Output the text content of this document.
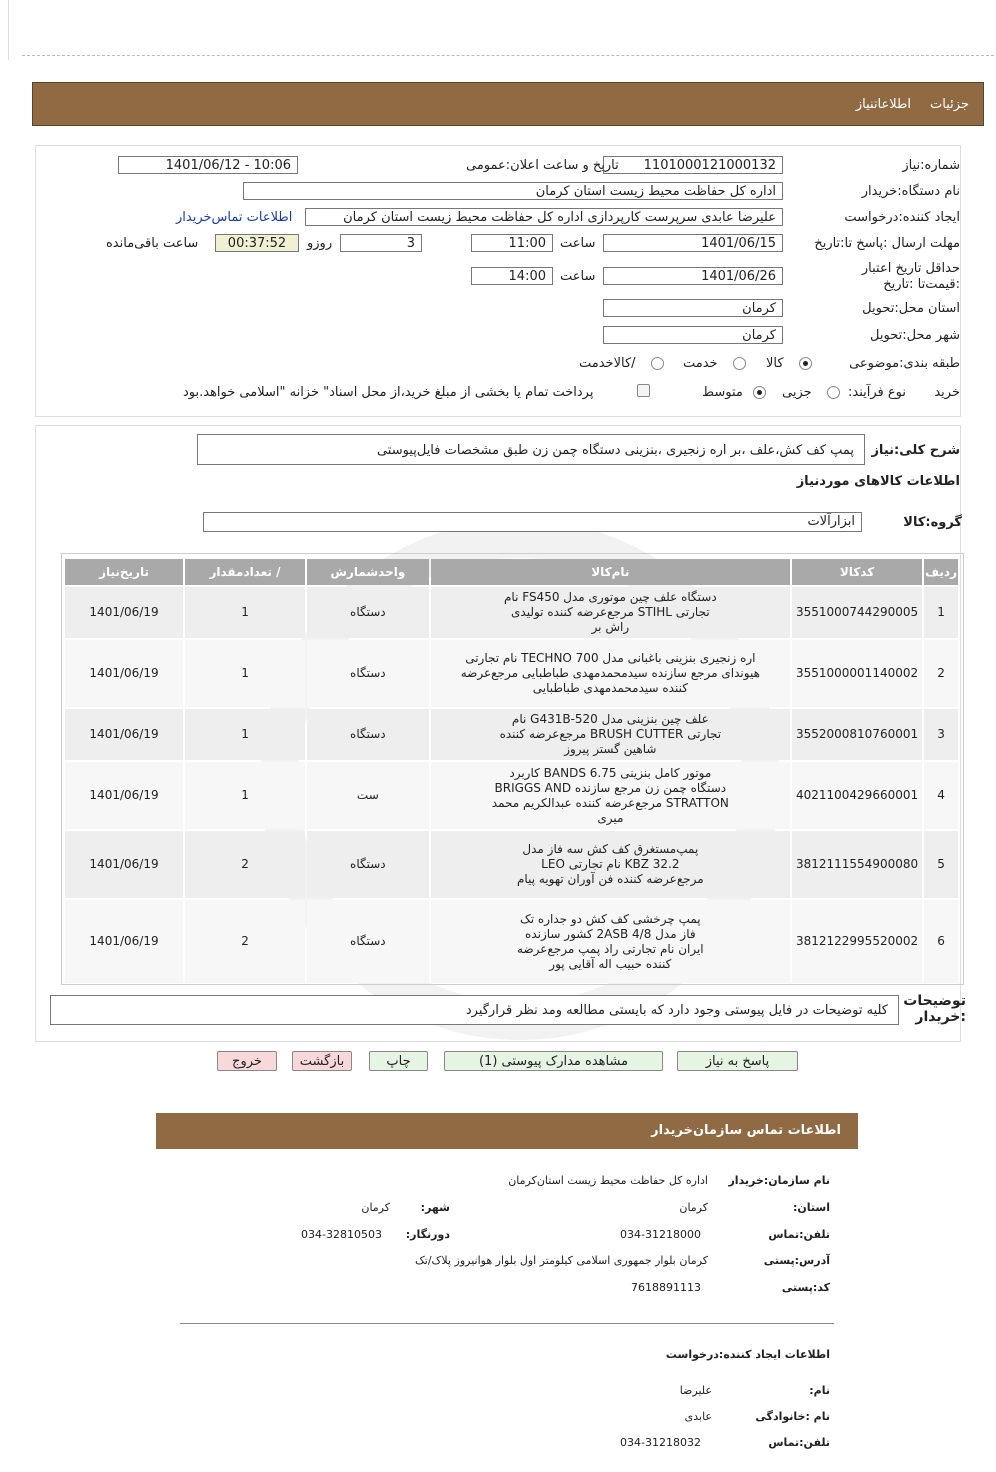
جزئیات
اطلاعاتنیاز
شماره:نیاز
1101000121000132
تاریخ و ساعت اعلان:عمومی
1401/06/12 - 10:06
نام دستگاه:خریدار
اداره کل حفاظت محیط زیست استان کرمان
ایجاد کننده:درخواست
علیرضا عابدی سرپرست کارپردازی اداره کل حفاظت محیط زیست استان کرمان
اطلاعات تماس‌خریدار
مهلت ارسال :پاسخ تا:تاریخ
1401/06/15
ساعت
11:00
3
روزو
00:37:52
ساعت باقی‌مانده
حداقل تاریخ اعتبار :قیمت‌تا :تاریخ
1401/06/26
ساعت
14:00
استان محل:تحویل
کرمان
شهر محل:تحویل
کرمان
طبقه بندی:موضوعی
کالا
خدمت
/کالاخدمت
نوع فرآیند: خرید
جزیی
متوسط
پرداخت تمام یا بخشی از مبلغ خرید،از محل اسناد" خزانه "اسلامی خواهد.بود
شرح کلی:نیاز
پمپ کف کش،علف ،بر اره زنجیری ،بنزینی دستگاه چمن زن طبق مشخصات فایل‌پیوستی
اطلاعات کالاهای موردنیاز
گروه:کالا
ابزارآلات
ردیف	کدکالا	نام‌کالا	واحدشمارش	/ تعدادمقدار	تاریخ‌نیاز
1	3551000744290005	دستگاه علف چین موتوری مدل FS450 نام تجارتی STIHL مرجع‌عرضه کننده تولیدی راش بر	دستگاه	1	1401/06/19
2	3551000001140002	اره زنجیری بنزینی باغبانی مدل TECHNO 700 نام تجارتی هیوندای مرجع سازنده سیدمحمدمهدی طباطبایی مرجع‌عرضه کننده سیدمحمدمهدی طباطبایی	دستگاه	1	1401/06/19
3	3552000810760001	علف چین بنزینی مدل G431B-520 نام تجارتی BRUSH CUTTER مرجع‌عرضه کننده شاهین گستر پیروز	دستگاه	1	1401/06/19
4	4021100429660001	موتور کامل بنزینی BANDS 6.75 کاربرد دستگاه چمن زن مرجع سازنده BRIGGS AND STRATTON مرجع‌عرضه کننده عبدالکریم محمد میری	ست	1	1401/06/19
5	3812111554900080	پمپ‌مستغرق کف کش سه فاز مدل KBZ 32.2 نام تجارتی LEO مرجع‌عرضه کننده فن آوران تهویه پیام	دستگاه	2	1401/06/19
6	3812122995520002	پمپ چرخشی کف کش دو جداره تک فاز مدل 2ASB 4/8 کشور سازنده ایران نام تجارتی راد پمپ مرجع‌عرضه کننده حبیب اله آقایی پور	دستگاه	2	1401/06/19
توضیحات :خریدار
کلیه توضیحات در فایل پیوستی وجود دارد که بایستی مطالعه ومد نظر قرارگیرد
پاسخ به نیاز
مشاهده مدارک پیوستی (1)
چاپ
بازگشت
خروج
اطلاعات تماس سازمان‌خریدار
نام سازمان:خریدار
اداره کل حفاظت محیط زیست استان‌کرمان
استان:
کرمان
شهر:
کرمان
تلفن:تماس
034-31218000
دورنگار:
034-32810503
آدرس:پستی
کرمان بلوار جمهوری اسلامی کیلومتر اول بلوار هوانیروز پلاک/تک
کد:پستی
7618891113
اطلاعات ایجاد کننده:درخواست
نام:
علیرضا
نام :خانوادگی
عابدی
تلفن:تماس
034-31218032
